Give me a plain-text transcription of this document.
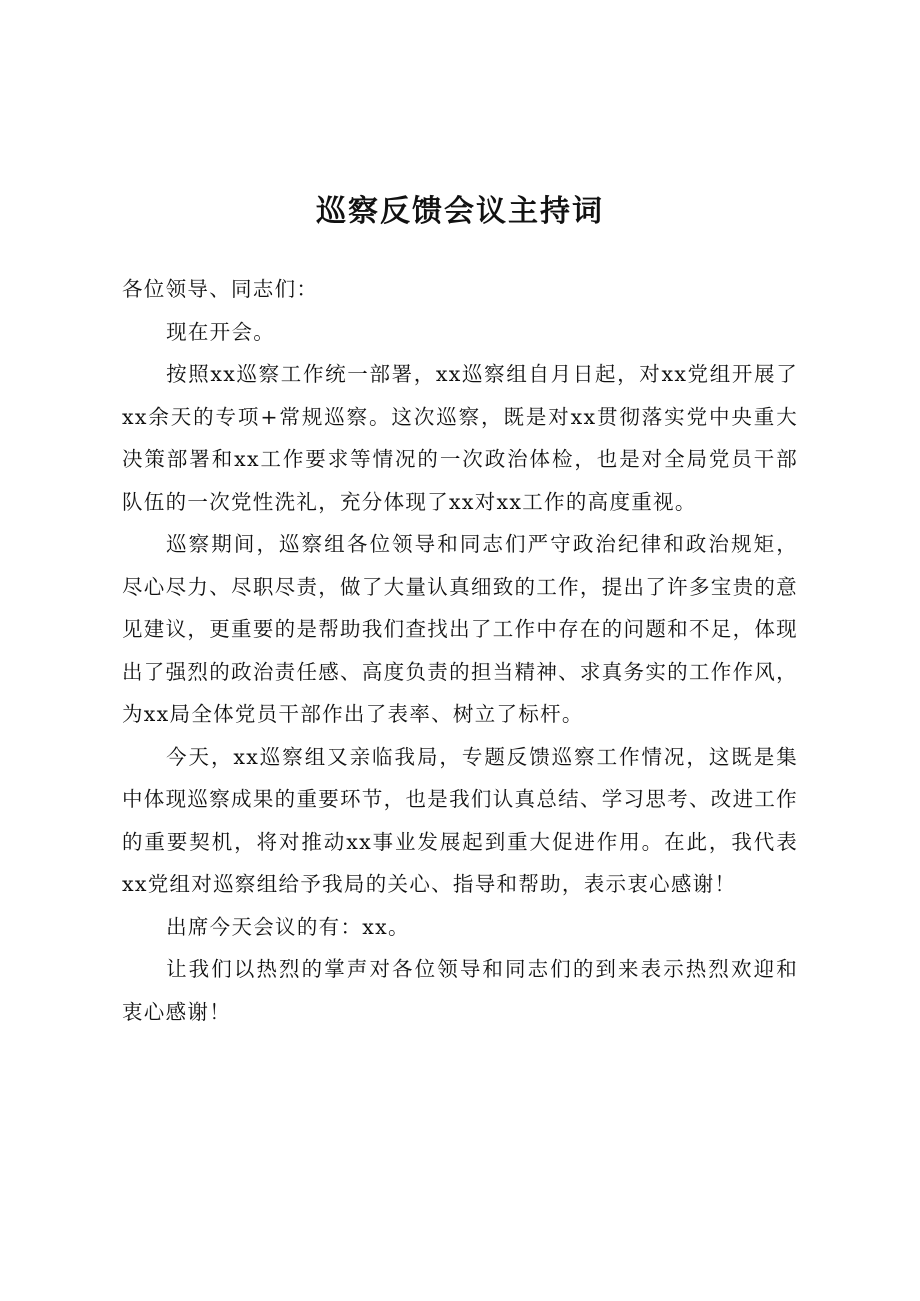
巡察反馈会议主持词

各位领导、同志们：

现在开会。

按照xx巡察工作统一部署，xx巡察组自月日起，对xx党组开展了xx余天的专项+常规巡察。这次巡察，既是对xx贯彻落实党中央重大决策部署和xx工作要求等情况的一次政治体检，也是对全局党员干部队伍的一次党性洗礼，充分体现了xx对xx工作的高度重视。

巡察期间，巡察组各位领导和同志们严守政治纪律和政治规矩，尽心尽力、尽职尽责，做了大量认真细致的工作，提出了许多宝贵的意见建议，更重要的是帮助我们查找出了工作中存在的问题和不足，体现出了强烈的政治责任感、高度负责的担当精神、求真务实的工作作风，为xx局全体党员干部作出了表率、树立了标杆。

今天，xx巡察组又亲临我局，专题反馈巡察工作情况，这既是集中体现巡察成果的重要环节，也是我们认真总结、学习思考、改进工作的重要契机，将对推动xx事业发展起到重大促进作用。在此，我代表xx党组对巡察组给予我局的关心、指导和帮助，表示衷心感谢！

出席今天会议的有：xx。

让我们以热烈的掌声对各位领导和同志们的到来表示热烈欢迎和衷心感谢！
